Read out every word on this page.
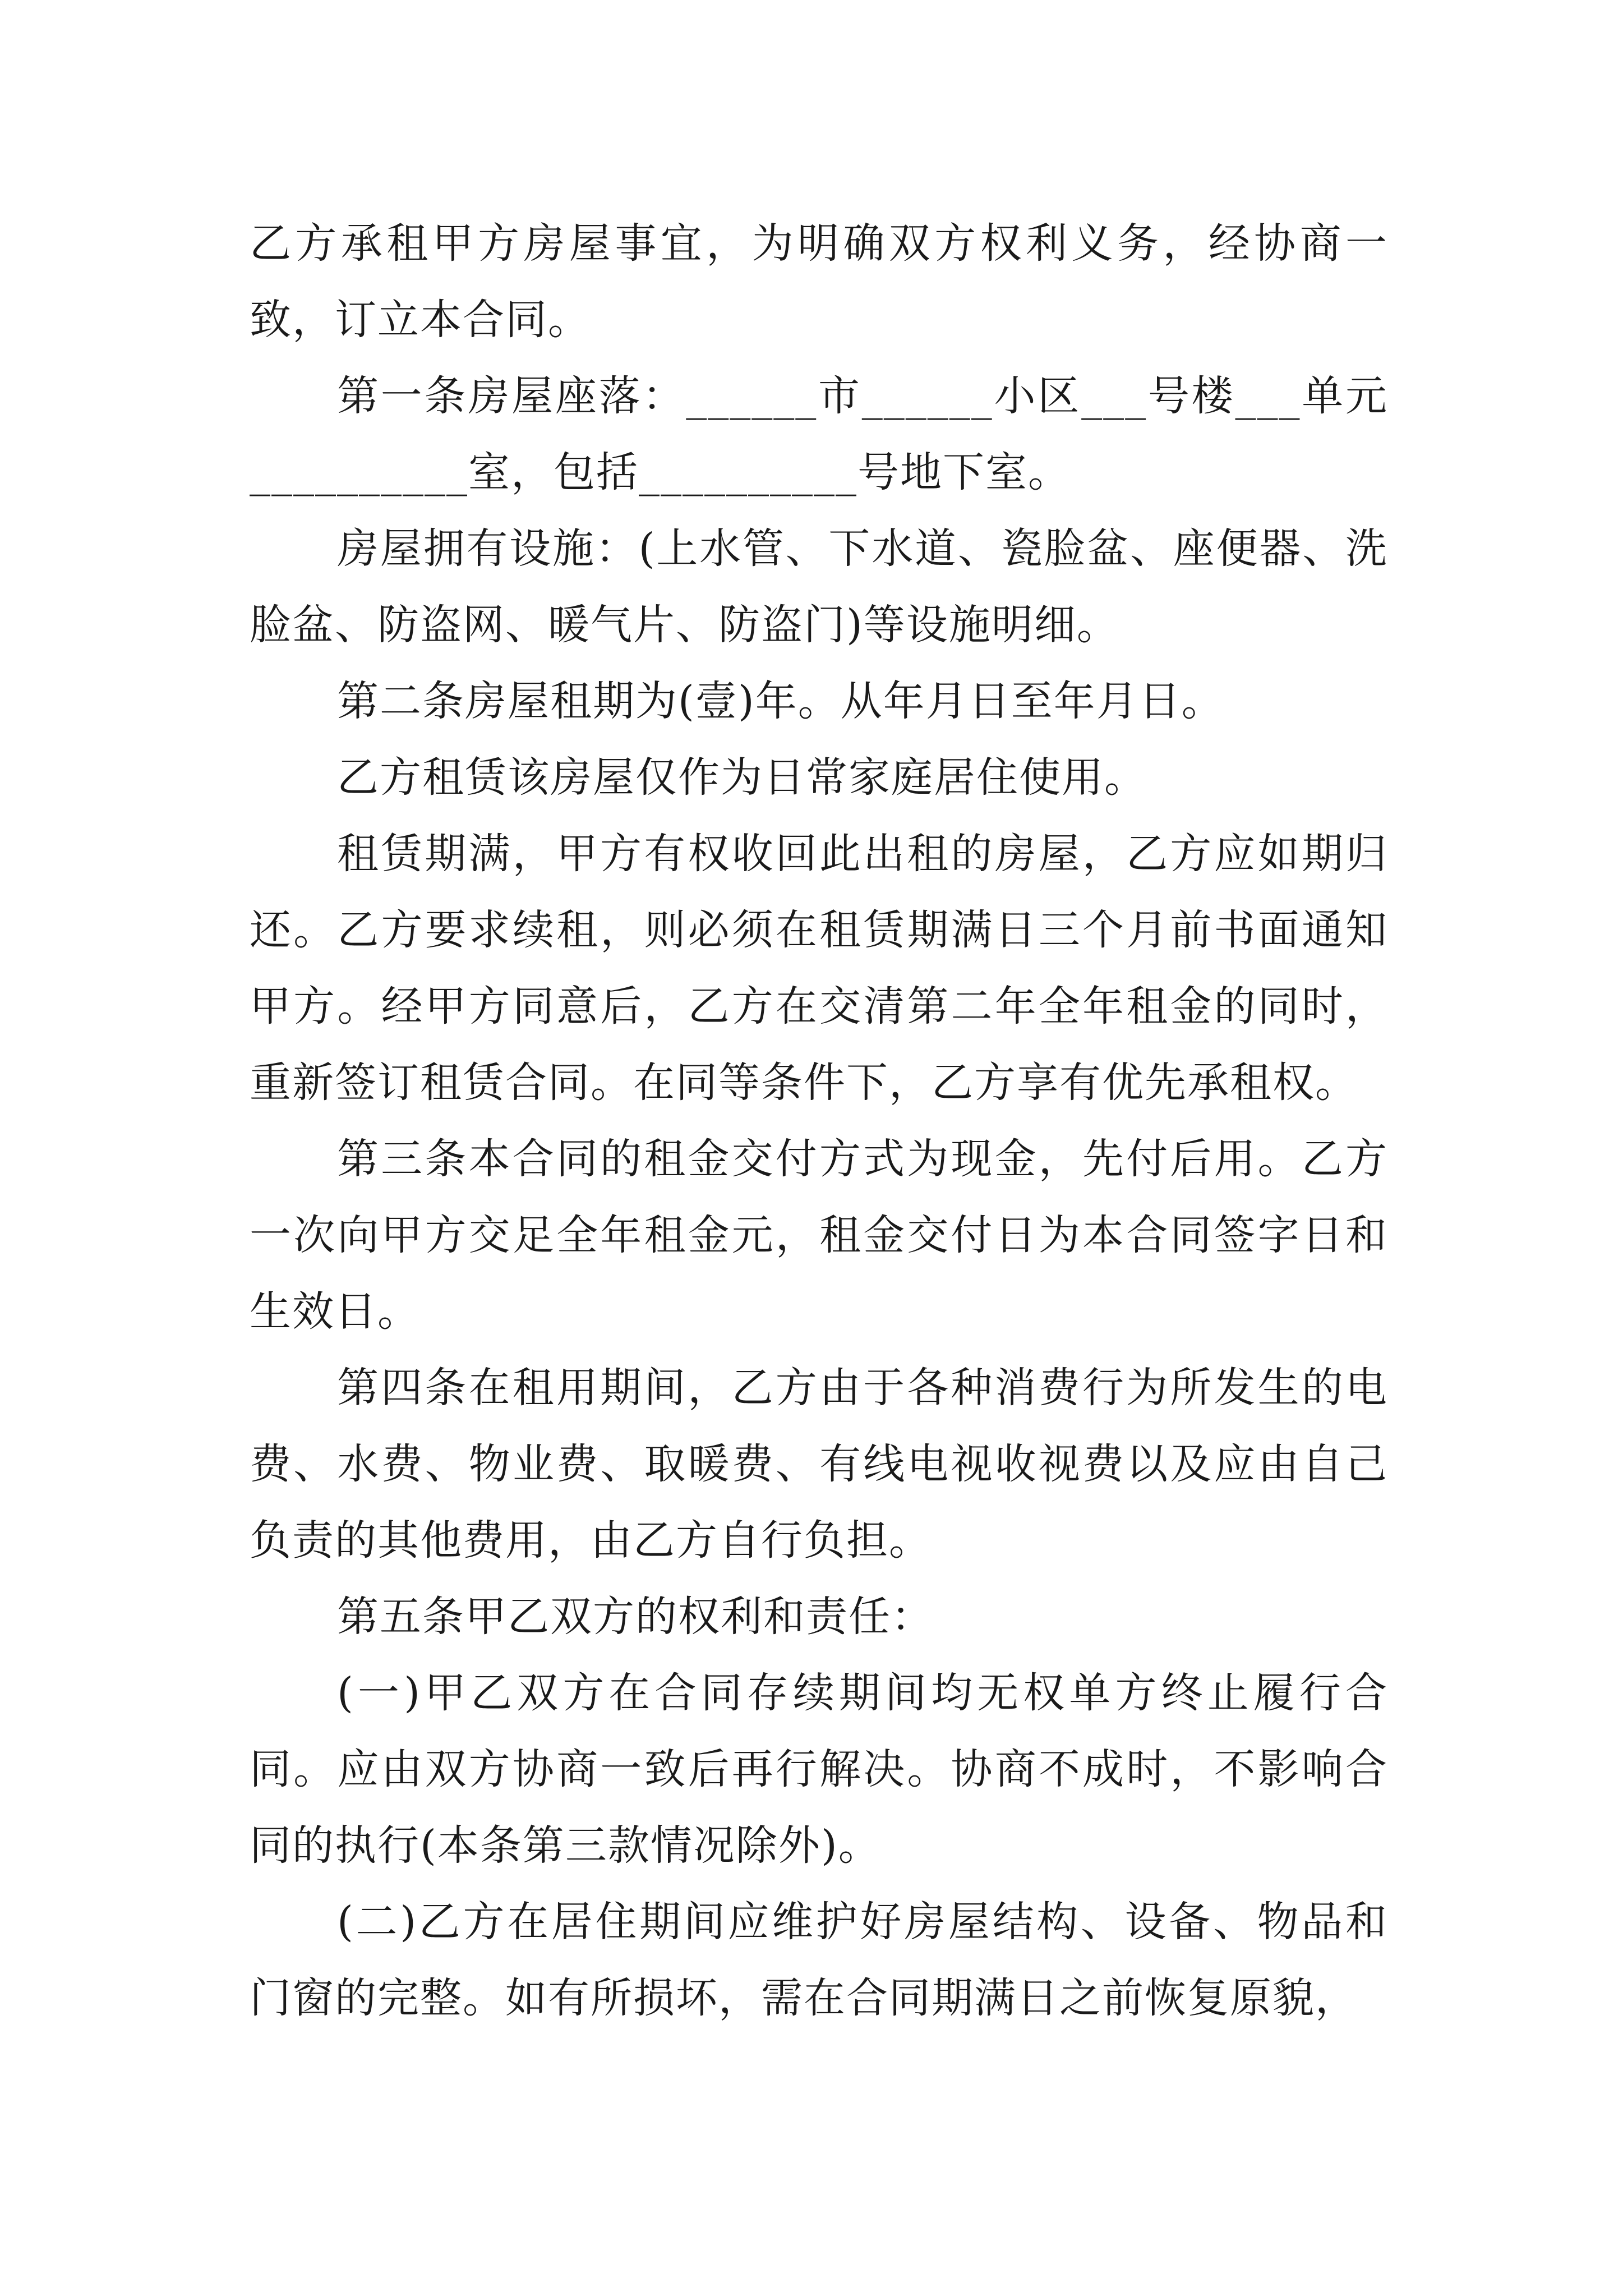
乙方承租甲方房屋事宜，为明确双方权利义务，经协商一致，订立本合同。

第一条房屋座落：______市______小区___号楼___单元__________室，包括__________号地下室。

房屋拥有设施：(上水管、下水道、瓷脸盆、座便器、洗脸盆、防盗网、暖气片、防盗门)等设施明细。

第二条房屋租期为(壹)年。从年月日至年月日。

乙方租赁该房屋仅作为日常家庭居住使用。

租赁期满，甲方有权收回此出租的房屋，乙方应如期归还。乙方要求续租，则必须在租赁期满日三个月前书面通知甲方。经甲方同意后，乙方在交清第二年全年租金的同时，重新签订租赁合同。在同等条件下，乙方享有优先承租权。

第三条本合同的租金交付方式为现金，先付后用。乙方一次向甲方交足全年租金元，租金交付日为本合同签字日和生效日。

第四条在租用期间，乙方由于各种消费行为所发生的电费、水费、物业费、取暖费、有线电视收视费以及应由自己负责的其他费用，由乙方自行负担。

第五条甲乙双方的权利和责任：

(一)甲乙双方在合同存续期间均无权单方终止履行合同。应由双方协商一致后再行解决。协商不成时，不影响合同的执行(本条第三款情况除外)。

(二)乙方在居住期间应维护好房屋结构、设备、物品和门窗的完整。如有所损坏，需在合同期满日之前恢复原貌，
